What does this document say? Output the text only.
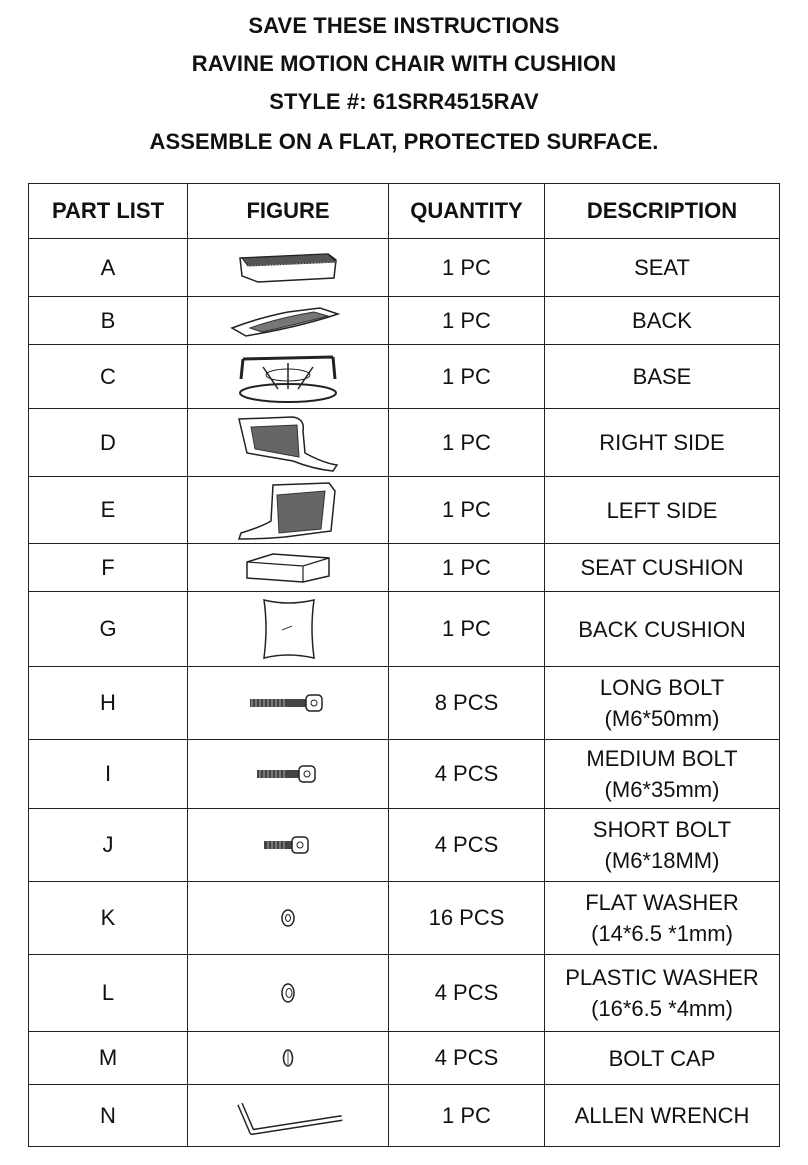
SAVE THESE INSTRUCTIONS
RAVINE MOTION CHAIR WITH CUSHION
STYLE #: 61SRR4515RAV
ASSEMBLE ON A FLAT, PROTECTED SURFACE.
PART LIST	FIGURE	QUANTITY	DESCRIPTION
A		1 PC	SEAT

B		1 PC	BACK

C		1 PC	BASE

D		1 PC	RIGHT SIDE

E		1 PC	LEFT SIDE

F		1 PC	SEAT CUSHION

G		1 PC	BACK CUSHION

H		8 PCS	LONG BOLT
(M6*50mm)

I		4 PCS	MEDIUM BOLT
(M6*35mm)

J		4 PCS	SHORT BOLT
(M6*18MM)

K		16 PCS	FLAT WASHER
(14*6.5 *1mm)

L		4 PCS	PLASTIC WASHER
(16*6.5 *4mm)

M		4 PCS	BOLT CAP

N		1 PC	ALLEN WRENCH
